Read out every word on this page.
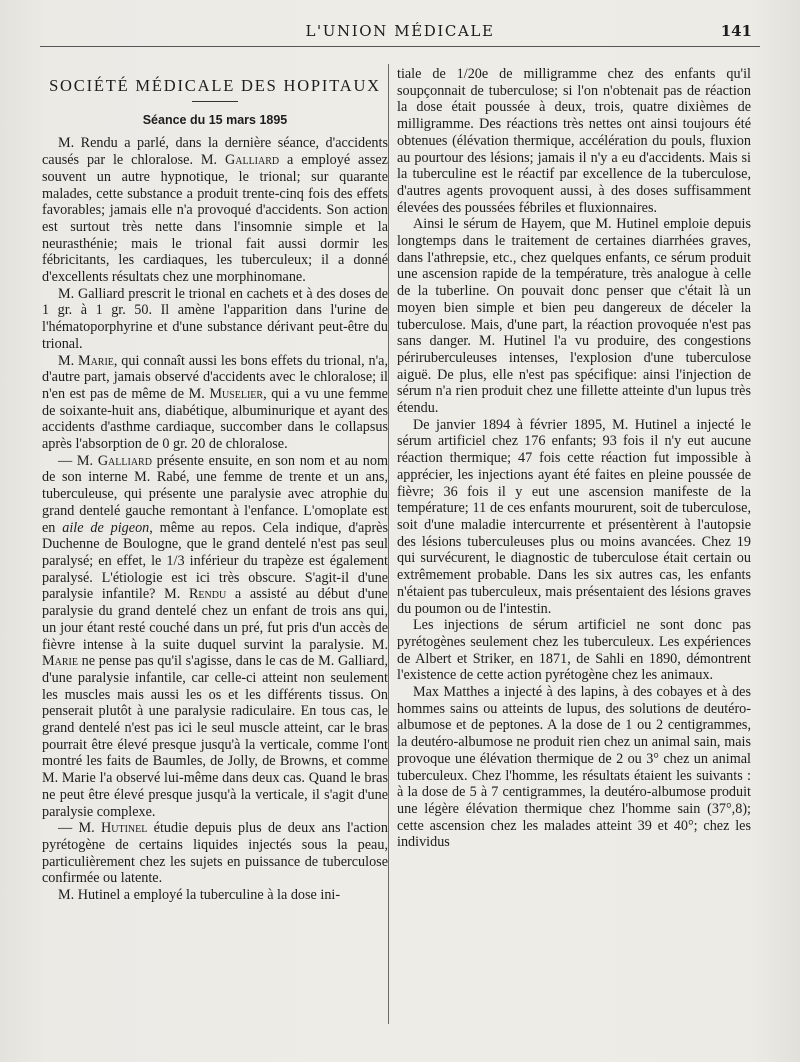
L'UNION MÉDICALE	141
SOCIÉTÉ MÉDICALE DES HOPITAUX
Séance du 15 mars 1895

M. Rendu a parlé, dans la dernière séance, d'accidents causés par le chloralose. M. Galliard a employé assez souvent un autre hypnotique, le trional; sur quarante malades, cette substance a produit trente-cinq fois des effets favorables; jamais elle n'a provoqué d'accidents. Son action est surtout très nette dans l'insomnie simple et la neurasthénie; mais le trional fait aussi dormir les fébricitants, les cardiaques, les tuberculeux; il a donné d'excellents résultats chez une morphinomane.

M. Galliard prescrit le trional en cachets et à des doses de 1 gr. à 1 gr. 50. Il amène l'apparition dans l'urine de l'hématoporphyrine et d'une substance dérivant peut-être du trional.

M. Marie, qui connaît aussi les bons effets du trional, n'a, d'autre part, jamais observé d'accidents avec le chloralose; il n'en est pas de même de M. Muselier, qui a vu une femme de soixante-huit ans, diabétique, albuminurique et ayant des accidents d'asthme cardiaque, succomber dans le collapsus après l'absorption de 0 gr. 20 de chloralose.

— M. Galliard présente ensuite, en son nom et au nom de son interne M. Rabé, une femme de trente et un ans, tuberculeuse, qui présente une paralysie avec atrophie du grand dentelé gauche remontant à l'enfance. L'omoplate est en aile de pigeon, même au repos. Cela indique, d'après Duchenne de Boulogne, que le grand dentelé n'est pas seul paralysé; en effet, le 1/3 inférieur du trapèze est également paralysé. L'étiologie est ici très obscure. S'agit-il d'une paralysie infantile? M. Rendu a assisté au début d'une paralysie du grand dentelé chez un enfant de trois ans qui, un jour étant resté couché dans un pré, fut pris d'un accès de fièvre intense à la suite duquel survint la paralysie. M. Marie ne pense pas qu'il s'agisse, dans le cas de M. Galliard, d'une paralysie infantile, car celle-ci atteint non seulement les muscles mais aussi les os et les différents tissus. On penserait plutôt à une paralysie radiculaire. En tous cas, le grand dentelé n'est pas ici le seul muscle atteint, car le bras pourrait être élevé presque jusqu'à la verticale, comme l'ont montré les faits de Baumles, de Jolly, de Browns, et comme M. Marie l'a observé lui-même dans deux cas. Quand le bras ne peut être élevé presque jusqu'à la verticale, il s'agit d'une paralysie complexe.

— M. Hutinel étudie depuis plus de deux ans l'action pyrétogène de certains liquides injectés sous la peau, particulièrement chez les sujets en puissance de tuberculose confirmée ou latente.

M. Hutinel a employé la tuberculine à la dose ini-

tiale de 1/20e de milligramme chez des enfants qu'il soupçonnait de tuberculose; si l'on n'obtenait pas de réaction la dose était poussée à deux, trois, quatre dixièmes de milligramme. Des réactions très nettes ont ainsi toujours été obtenues (élévation thermique, accélération du pouls, fluxion au pourtour des lésions; jamais il n'y a eu d'accidents. Mais si la tuberculine est le réactif par excellence de la tuberculose, d'autres agents provoquent aussi, à des doses suffisamment élevées des poussées fébriles et fluxionnaires.

Ainsi le sérum de Hayem, que M. Hutinel emploie depuis longtemps dans le traitement de certaines diarrhées graves, dans l'athrepsie, etc., chez quelques enfants, ce sérum produit une ascension rapide de la température, très analogue à celle de la tuberline. On pouvait donc penser que c'était là un moyen bien simple et bien peu dangereux de déceler la tuberculose. Mais, d'une part, la réaction provoquée n'est pas sans danger. M. Hutinel l'a vu produire, des congestions périruberculeuses intenses, l'explosion d'une tuberculose aiguë. De plus, elle n'est pas spécifique: ainsi l'injection de sérum n'a rien produit chez une fillette atteinte d'un lupus très étendu.

De janvier 1894 à février 1895, M. Hutinel a injecté le sérum artificiel chez 176 enfants; 93 fois il n'y eut aucune réaction thermique; 47 fois cette réaction fut impossible à apprécier, les injections ayant été faites en pleine poussée de fièvre; 36 fois il y eut une ascension manifeste de la température; 11 de ces enfants moururent, soit de tuberculose, soit d'une maladie intercurrente et présentèrent à l'autopsie des lésions tuberculeuses plus ou moins avancées. Chez 19 qui survécurent, le diagnostic de tuberculose était certain ou extrêmement probable. Dans les six autres cas, les enfants n'étaient pas tuberculeux, mais présentaient des lésions graves du poumon ou de l'intestin.

Les injections de sérum artificiel ne sont donc pas pyrétogènes seulement chez les tuberculeux. Les expériences de Albert et Striker, en 1871, de Sahli en 1890, démontrent l'existence de cette action pyrétogène chez les animaux.

Max Matthes a injecté à des lapins, à des cobayes et à des hommes sains ou atteints de lupus, des solutions de deutéro-albumose et de peptones. A la dose de 1 ou 2 centigrammes, la deutéro-albumose ne produit rien chez un animal sain, mais provoque une élévation thermique de 2 ou 3° chez un animal tuberculeux. Chez l'homme, les résultats étaient les suivants : à la dose de 5 à 7 centigrammes, la deutéro-albumose produit une légère élévation thermique chez l'homme sain (37°,8); cette ascension chez les malades atteint 39 et 40°; chez les individus
